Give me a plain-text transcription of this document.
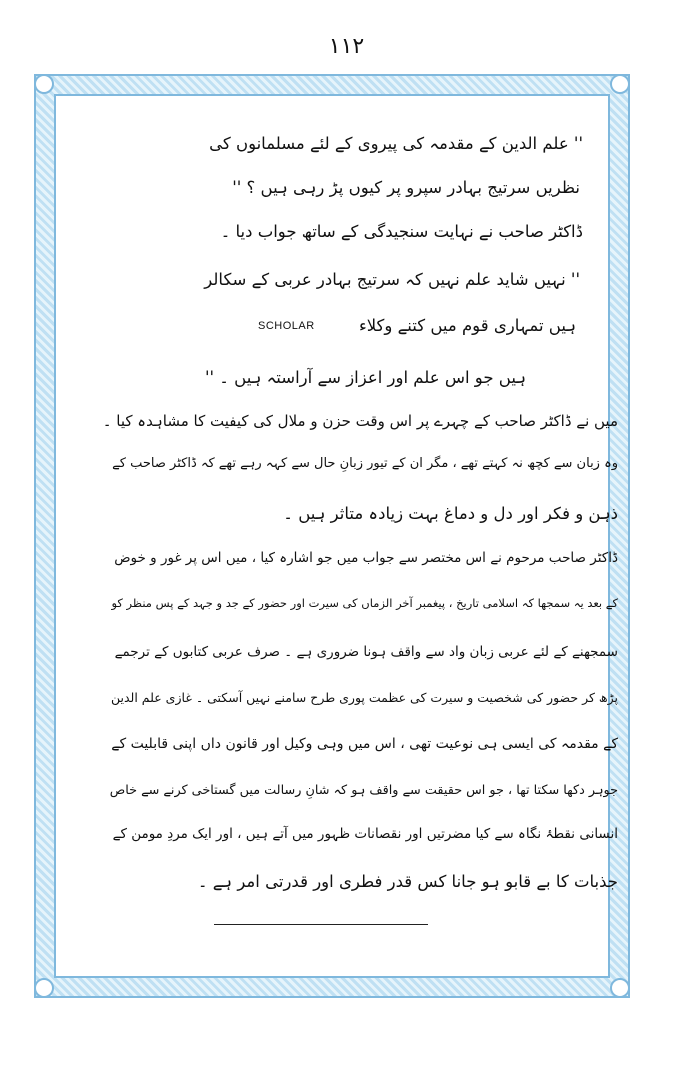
۱۱۲
'' علم الدین کے مقدمہ کی پیروی کے لئے مسلمانوں کی
نظریں سرتیج بہادر سپرو پر کیوں پڑ رہی ہیں ؟ ''
ڈاکٹر صاحب نے نہایت سنجیدگی کے ساتھ جواب دیا ۔
'' نہیں شاید علم نہیں کہ سرتیج بہادر عربی کے سکالر
ہیں تمہاری قوم میں کتنے وکلاء
SCHOLAR
ہیں جو اس علم اور اعزاز سے آراستہ ہیں ۔ ''
میں نے ڈاکٹر صاحب کے چہرے پر اس وقت حزن و ملال کی کیفیت کا مشاہدہ کیا ۔
وہ زبان سے کچھ نہ کہتے تھے ، مگر ان کے تیور زبانِ حال سے کہہ رہے تھے کہ ڈاکٹر صاحب کے
ذہن و فکر اور دل و دماغ بہت زیادہ متاثر ہیں ۔
ڈاکٹر صاحب مرحوم نے اس مختصر سے جواب میں جو اشارہ کیا ، میں اس پر غور و خوض
کے بعد یہ سمجھا کہ اسلامی تاریخ ، پیغمبر آخر الزماں کی سیرت اور حضور کے جد و جہد کے پس منظر کو
سمجھنے کے لئے عربی زبان واد سے واقف ہونا ضروری ہے ۔ صرف عربی کتابوں کے ترجمے
پڑھ کر حضور کی شخصیت و سیرت کی عظمت پوری طرح سامنے نہیں آسکتی ۔ غازی علم الدین
کے مقدمہ کی ایسی ہی نوعیت تھی ، اس میں وہی وکیل اور قانون داں اپنی قابلیت کے
جوہر دکھا سکتا تھا ، جو اس حقیقت سے واقف ہو کہ شانِ رسالت میں گستاخی کرنے سے خاص
انسانی نقطۂ نگاہ سے کیا مضرتیں اور نقصانات ظہور میں آتے ہیں ، اور ایک مردِ مومن کے
جذبات کا بے قابو ہو جانا کس قدر فطری اور قدرتی امر ہے ۔
